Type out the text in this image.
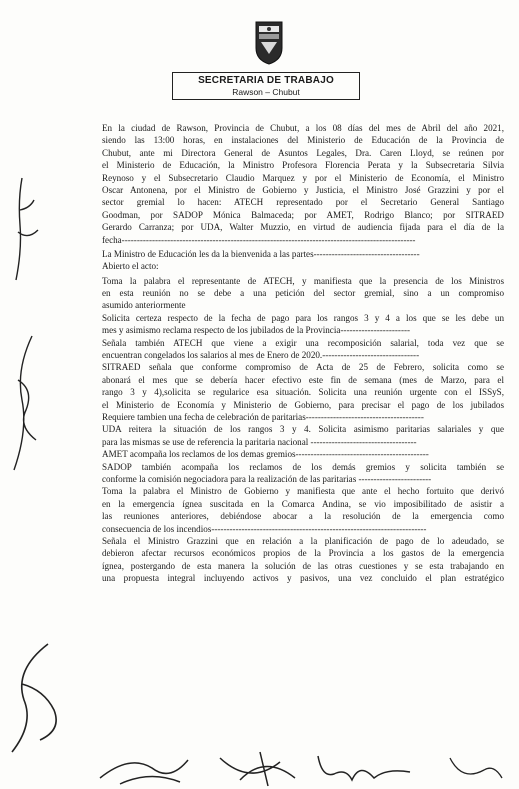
SECRETARIA DE TRABAJO
Rawson – Chubut
En la ciudad de Rawson, Provincia de Chubut, a los 08 días del mes de Abril del año 2021,
siendo las 13:00 horas, en instalaciones del Ministerio de Educación de la Provincia de
Chubut, ante mi Directora General de Asuntos Legales, Dra. Caren Lloyd, se reúnen por
el Ministerio de Educación, la Ministro Profesora Florencia Perata y la Subsecretaria Silvia
Reynoso y el Subsecretario Claudio Marquez y por el Ministerio de Economía, el Ministro
Oscar Antonena, por el Ministro de Gobierno y Justicia, el Ministro José Grazzini y por el
sector gremial lo hacen: ATECH representado por el Secretario General Santiago
Goodman, por SADOP Mónica Balmaceda; por AMET, Rodrigo Blanco; por SITRAED
Gerardo Carranza; por UDA, Walter Muzzio, en virtud de audiencia fijada para el día de la
fecha-------------------------------------------------------------------------------------------------
La Ministro de Educación les da la bienvenida a las partes-----------------------------------
Abierto el acto:
Toma la palabra el representante de ATECH, y manifiesta que la presencia de los Ministros
en esta reunión no se debe a una petición del sector gremial, sino a un compromiso
asumido anteriormente
Solicita certeza respecto de la fecha de pago para los rangos 3 y 4 a los que se les debe un
mes y asimismo reclama respecto de los jubilados de la Provincia-----------------------
Señala también ATECH que viene a exigir una recomposición salarial, toda vez que se
encuentran congelados los salarios al mes de Enero de 2020.--------------------------------
SITRAED señala que conforme compromiso de Acta de 25 de Febrero, solicita como se
abonará el mes que se debería hacer efectivo este fin de semana (mes de Marzo, para el
rango 3 y 4),solicita se regularice esa situación. Solicita una reunión urgente con el ISSyS,
el Ministerio de Economía y Ministerio de Gobierno, para precisar el pago de los jubilados
Requiere tambien una fecha de celebración de paritarias---------------------------------------
UDA reitera la situación de los rangos 3 y 4. Solicita asimismo paritarias salariales y que
para las mismas se use de referencia la paritaria nacional -----------------------------------
AMET acompaña los reclamos de los demas gremios--------------------------------------------
SADOP también acompaña los reclamos de los demás gremios y solicita también se
conforme la comisión negociadora para la realización de las paritarias ------------------------
Toma la palabra el Ministro de Gobierno y manifiesta que ante el hecho fortuito que derivó
en la emergencia ígnea suscitada en la Comarca Andina, se vio imposibilitado de asistir a
las reuniones anteriores, debiéndose abocar a la resolución de la emergencia como
consecuencia de los incendios-----------------------------------------------------------------------
Señala el Ministro Grazzini que en relación a la planificación de pago de lo adeudado, se
debieron afectar recursos económicos propios de la Provincia a los gastos de la emergencia
ígnea, postergando de esta manera la solución de las otras cuestiones y se esta trabajando en
una propuesta integral incluyendo activos y pasivos, una vez concluido el plan estratégico
